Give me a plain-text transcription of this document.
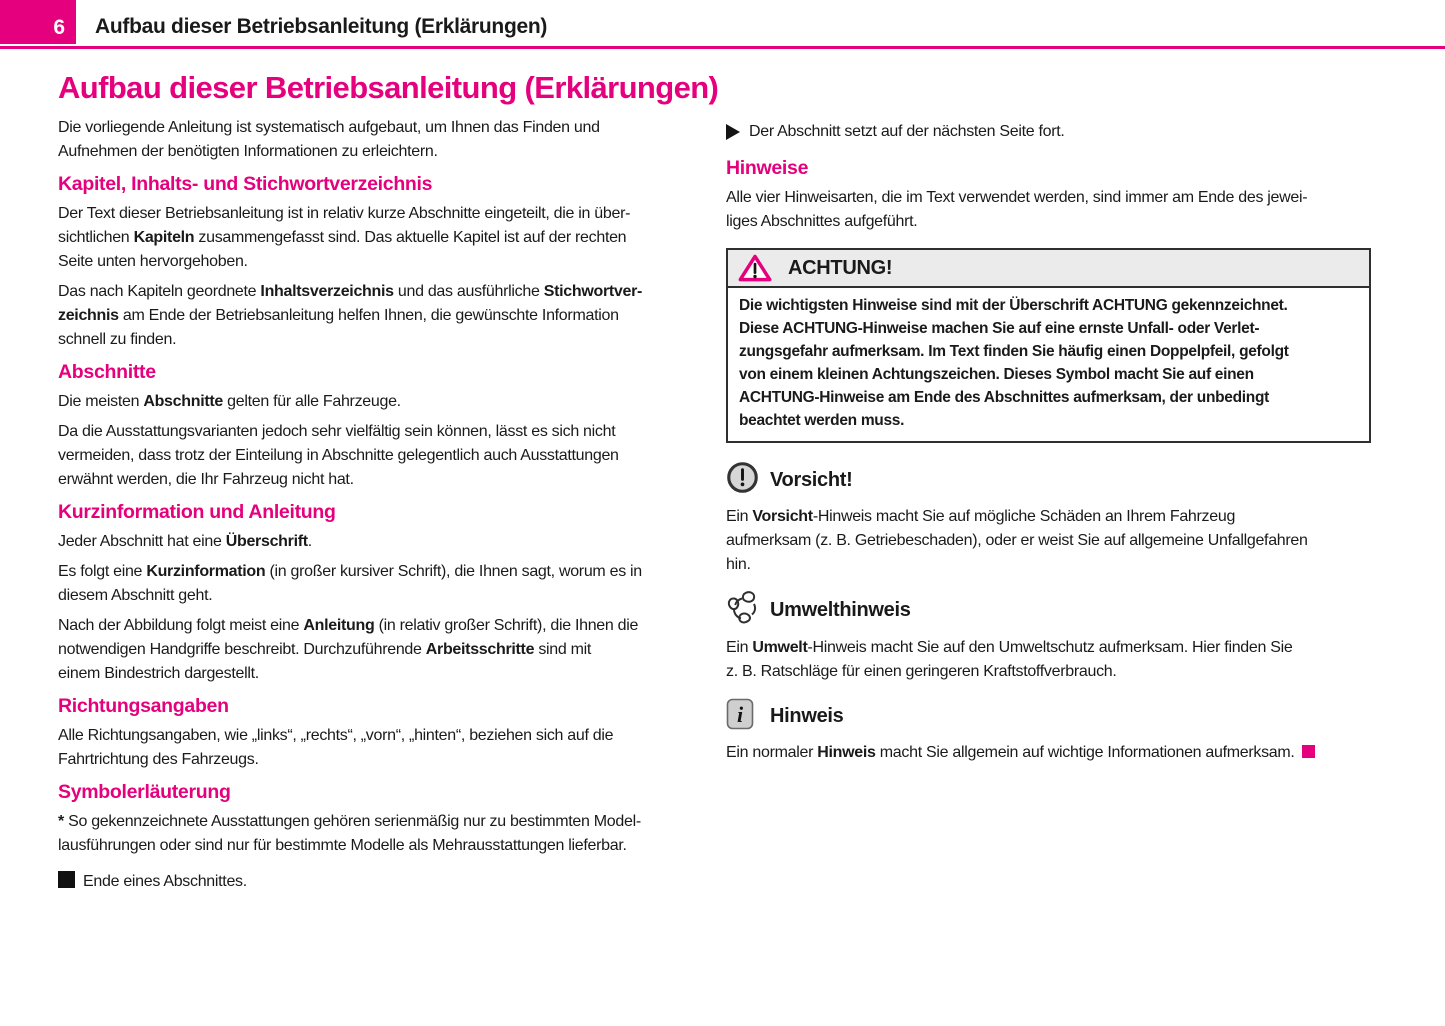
6 Aufbau dieser Betriebsanleitung (Erklärungen)
Aufbau dieser Betriebsanleitung (Erklärungen)

Die vorliegende Anleitung ist systematisch aufgebaut, um Ihnen das Finden und
Aufnehmen der benötigten Informationen zu erleichtern.

Kapitel, Inhalts- und Stichwortverzeichnis

Der Text dieser Betriebsanleitung ist in relativ kurze Abschnitte eingeteilt, die in über-
sichtlichen Kapiteln zusammengefasst sind. Das aktuelle Kapitel ist auf der rechten
Seite unten hervorgehoben.

Das nach Kapiteln geordnete Inhaltsverzeichnis und das ausführliche Stichwortver-
zeichnis am Ende der Betriebsanleitung helfen Ihnen, die gewünschte Information
schnell zu finden.

Abschnitte

Die meisten Abschnitte gelten für alle Fahrzeuge.

Da die Ausstattungsvarianten jedoch sehr vielfältig sein können, lässt es sich nicht
vermeiden, dass trotz der Einteilung in Abschnitte gelegentlich auch Ausstattungen
erwähnt werden, die Ihr Fahrzeug nicht hat.

Kurzinformation und Anleitung

Jeder Abschnitt hat eine Überschrift.

Es folgt eine Kurzinformation (in großer kursiver Schrift), die Ihnen sagt, worum es in
diesem Abschnitt geht.

Nach der Abbildung folgt meist eine Anleitung (in relativ großer Schrift), die Ihnen die
notwendigen Handgriffe beschreibt. Durchzuführende Arbeitsschritte sind mit
einem Bindestrich dargestellt.

Richtungsangaben

Alle Richtungsangaben, wie „links“, „rechts“, „vorn“, „hinten“, beziehen sich auf die
Fahrtrichtung des Fahrzeugs.

Symbolerläuterung

* So gekennzeichnete Ausstattungen gehören serienmäßig nur zu bestimmten Model-
lausführungen oder sind nur für bestimmte Modelle als Mehrausstattungen lieferbar.

Ende eines Abschnittes.

Der Abschnitt setzt auf der nächsten Seite fort.

Hinweise

Alle vier Hinweisarten, die im Text verwendet werden, sind immer am Ende des jewei-
liges Abschnittes aufgeführt.

ACHTUNG!
Die wichtigsten Hinweise sind mit der Überschrift ACHTUNG gekennzeichnet.
Diese ACHTUNG-Hinweise machen Sie auf eine ernste Unfall- oder Verlet-
zungsgefahr aufmerksam. Im Text finden Sie häufig einen Doppelpfeil, gefolgt
von einem kleinen Achtungszeichen. Dieses Symbol macht Sie auf einen
ACHTUNG-Hinweise am Ende des Abschnittes aufmerksam, der unbedingt
beachtet werden muss.
Vorsicht!

Ein Vorsicht-Hinweis macht Sie auf mögliche Schäden an Ihrem Fahrzeug
aufmerksam (z. B. Getriebeschaden), oder er weist Sie auf allgemeine Unfallgefahren
hin.

Umwelthinweis

Ein Umwelt-Hinweis macht Sie auf den Umweltschutz aufmerksam. Hier finden Sie
z. B. Ratschläge für einen geringeren Kraftstoffverbrauch.

i Hinweis

Ein normaler Hinweis macht Sie allgemein auf wichtige Informationen aufmerksam.
